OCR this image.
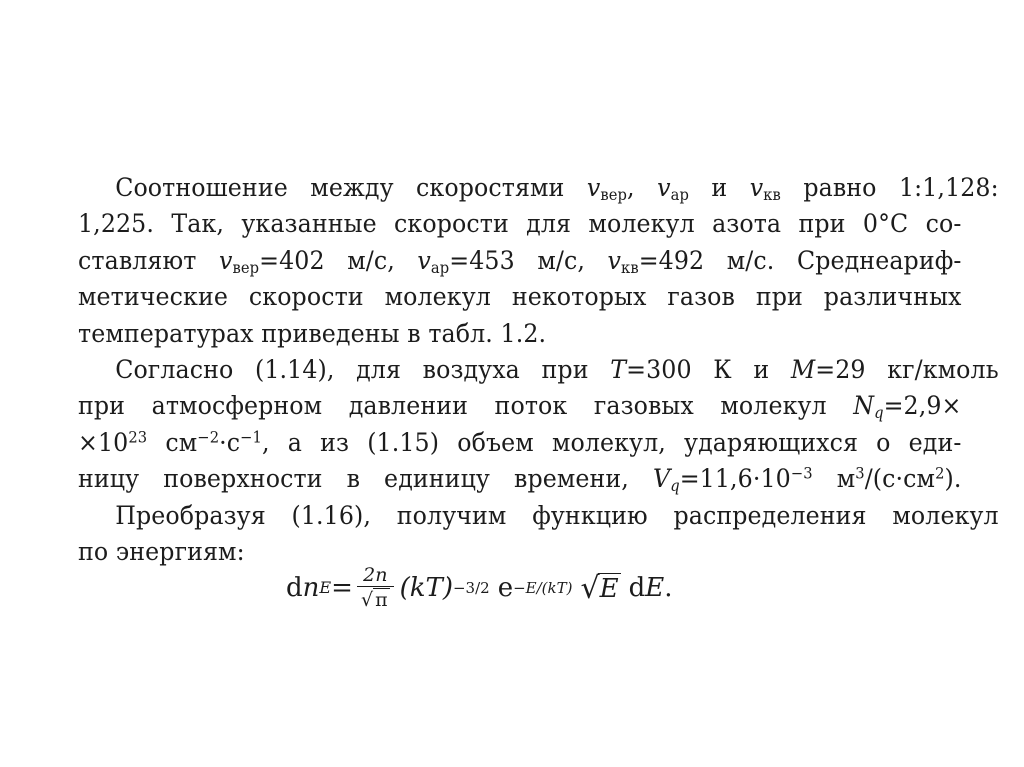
Соотношение между скоростями $v_{вер}$, $v_{ар}$ и $v_{кв}$ равно 1:1,128:
1,225. Так, указанные скорости для молекул азота при 0°С со-
ставляют $v_{вер}=402$ м/с, $v_{ар}=453$ м/с, $v_{кв}=492$ м/с. Среднеариф-
метические скорости молекул некоторых газов при различных
температурах приведены в табл. 1.2.
Согласно (1.14), для воздуха при T=300 К и M=29 кг/кмоль
при атмосферном давлении поток газовых молекул $N_q=2,9\times$
$\times 10^{23}$ $см^{-2}\cdot с^{-1}$, а из (1.15) объем молекул, ударяющихся о еди-
ницу поверхности в единицу времени, $V_q=11,6\cdot 10^{-3}$ $м^3/(с\cdot см^2)$.
Преобразуя (1.16), получим функцию распределения молекул
по энергиям:
d n $E = \frac{2n}{√ \pi} (kT) -3/2$ e −E/(kT) √ E d E .
